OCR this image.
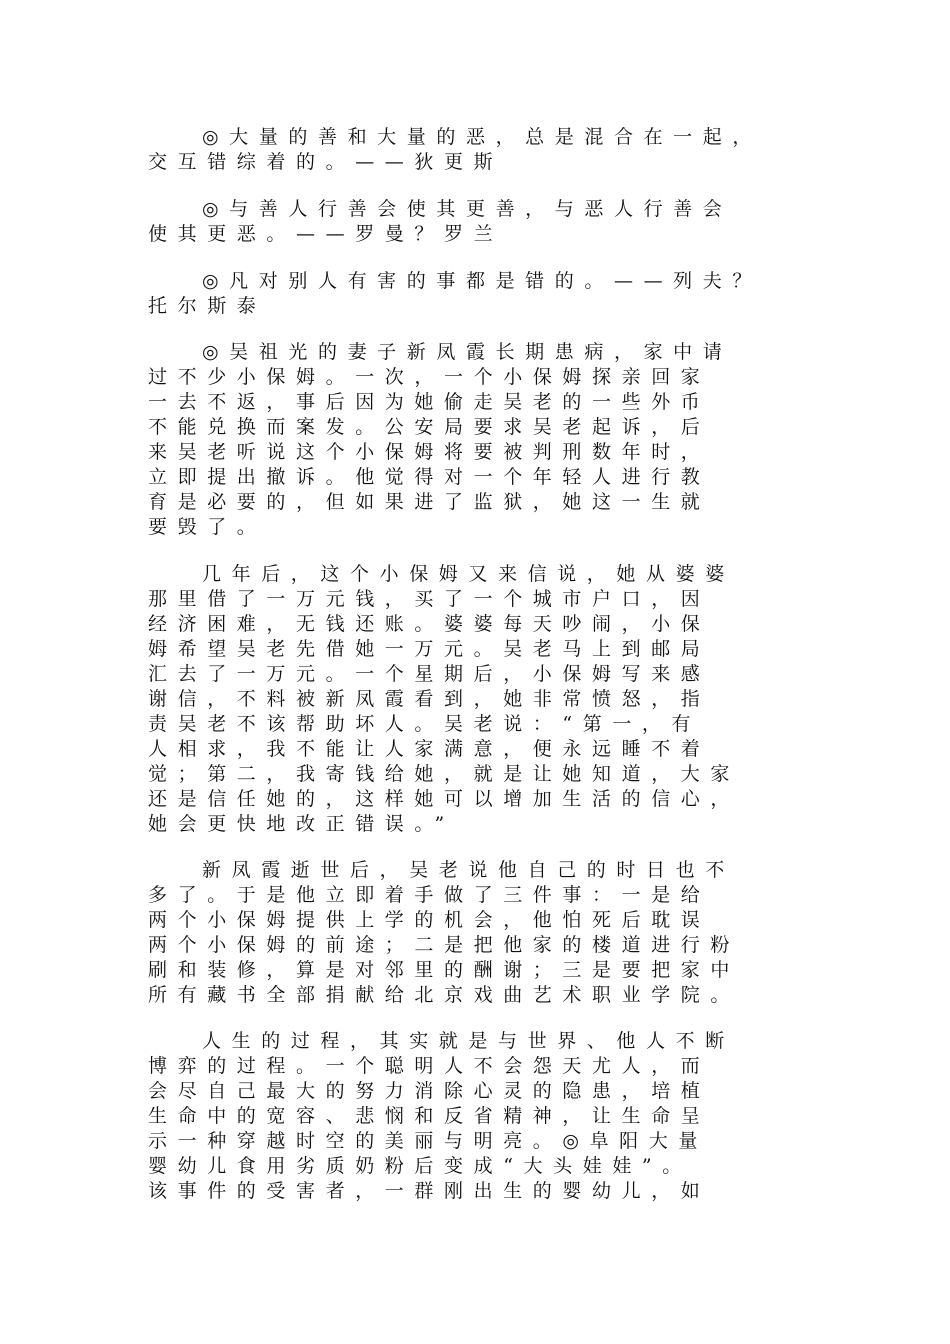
◎大量的善和大量的恶，总是混合在一起，
交互错综着的。——狄更斯
◎与善人行善会使其更善，与恶人行善会
使其更恶。——罗曼？罗兰
◎凡对别人有害的事都是错的。——列夫？
托尔斯泰
◎吴祖光的妻子新凤霞长期患病，家中请
过不少小保姆。一次，一个小保姆探亲回家
一去不返，事后因为她偷走吴老的一些外币
不能兑换而案发。公安局要求吴老起诉，后
来吴老听说这个小保姆将要被判刑数年时，
立即提出撤诉。他觉得对一个年轻人进行教
育是必要的，但如果进了监狱，她这一生就
要毁了。
几年后，这个小保姆又来信说，她从婆婆
那里借了一万元钱，买了一个城市户口，因
经济困难，无钱还账。婆婆每天吵闹，小保
姆希望吴老先借她一万元。吴老马上到邮局
汇去了一万元。一个星期后，小保姆写来感
谢信，不料被新凤霞看到，她非常愤怒，指
责吴老不该帮助坏人。吴老说：“第一，有
人相求，我不能让人家满意，便永远睡不着
觉；第二，我寄钱给她，就是让她知道，大家
还是信任她的，这样她可以增加生活的信心，
她会更快地改正错误。”
新凤霞逝世后，吴老说他自己的时日也不
多了。于是他立即着手做了三件事：一是给
两个小保姆提供上学的机会，他怕死后耽误
两个小保姆的前途；二是把他家的楼道进行粉
刷和装修，算是对邻里的酬谢；三是要把家中
所有藏书全部捐献给北京戏曲艺术职业学院。
人生的过程，其实就是与世界、他人不断
博弈的过程。一个聪明人不会怨天尤人，而
会尽自己最大的努力消除心灵的隐患，培植
生命中的宽容、悲悯和反省精神，让生命呈
示一种穿越时空的美丽与明亮。◎阜阳大量
婴幼儿食用劣质奶粉后变成“大头娃娃”。
该事件的受害者，一群刚出生的婴幼儿，如
